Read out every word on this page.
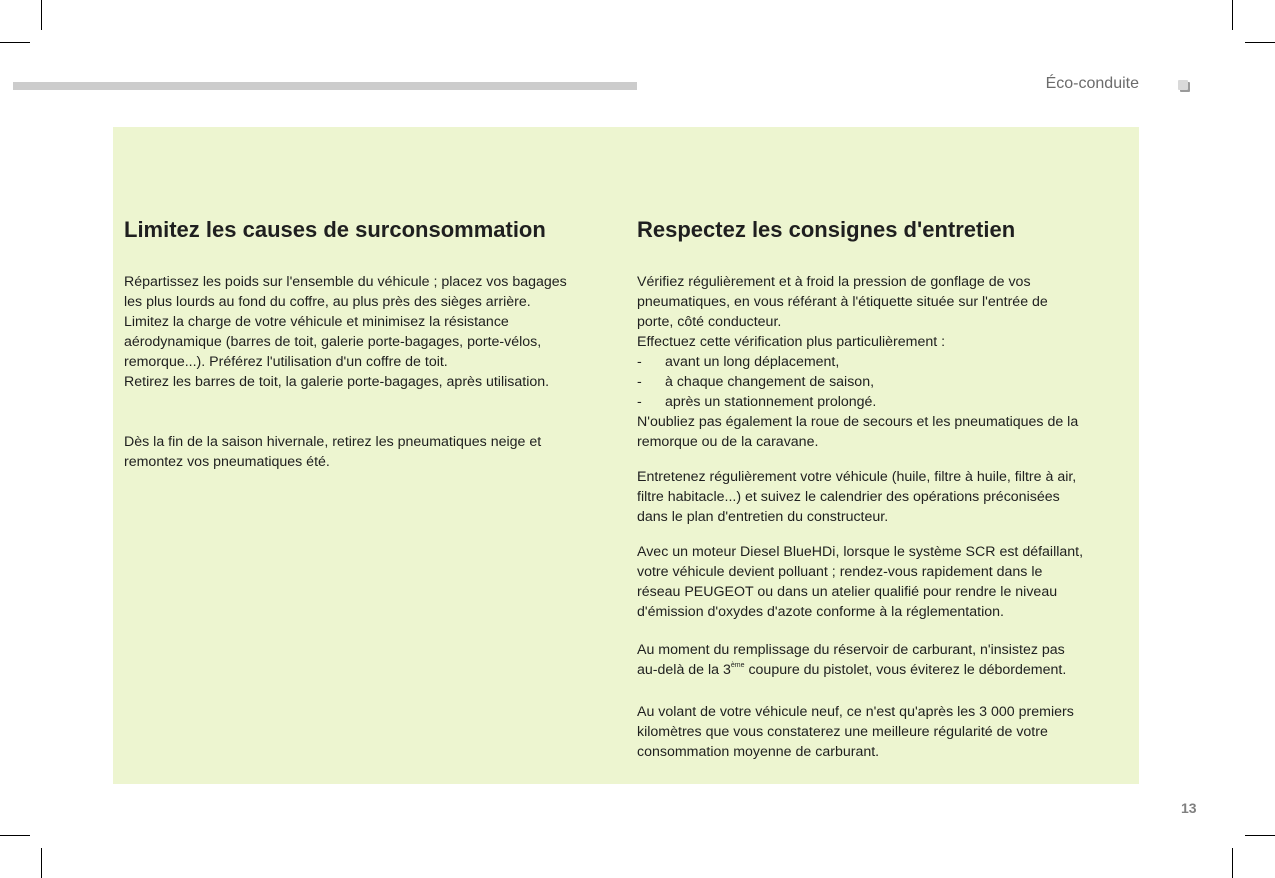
Éco-conduite
Limitez les causes de surconsommation

Répartissez les poids sur l'ensemble du véhicule ; placez vos bagages

les plus lourds au fond du coffre, au plus près des sièges arrière.

Limitez la charge de votre véhicule et minimisez la résistance

aérodynamique (barres de toit, galerie porte-bagages, porte-vélos,

remorque...). Préférez l'utilisation d'un coffre de toit.

Retirez les barres de toit, la galerie porte-bagages, après utilisation.

Dès la fin de la saison hivernale, retirez les pneumatiques neige et

remontez vos pneumatiques été.

Respectez les consignes d'entretien

Vérifiez régulièrement et à froid la pression de gonflage de vos

pneumatiques, en vous référant à l'étiquette située sur l'entrée de

porte, côté conducteur.

Effectuez cette vérification plus particulièrement :

-	avant un long déplacement,
-	à chaque changement de saison,
-	après un stationnement prolongé.

N'oubliez pas également la roue de secours et les pneumatiques de la

remorque ou de la caravane.

Entretenez régulièrement votre véhicule (huile, filtre à huile, filtre à air,

filtre habitacle...) et suivez le calendrier des opérations préconisées

dans le plan d'entretien du constructeur.

Avec un moteur Diesel BlueHDi, lorsque le système SCR est défaillant,

votre véhicule devient polluant ; rendez-vous rapidement dans le

réseau PEUGEOT ou dans un atelier qualifié pour rendre le niveau

d'émission d'oxydes d'azote conforme à la réglementation.

Au moment du remplissage du réservoir de carburant, n'insistez pas

au-delà de la 3ème coupure du pistolet, vous éviterez le débordement.

Au volant de votre véhicule neuf, ce n'est qu'après les 3 000 premiers

kilomètres que vous constaterez une meilleure régularité de votre

consommation moyenne de carburant.

13
